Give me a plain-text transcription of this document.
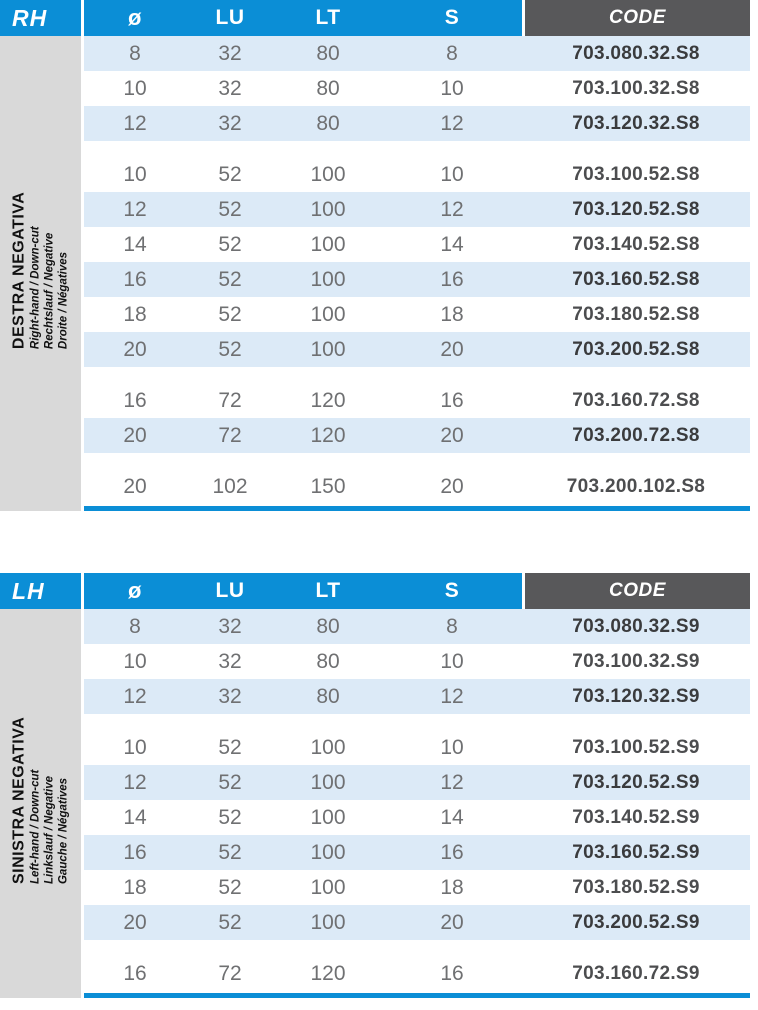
RH	ø	LU	LT	S	CODE
Right-hand / Down-cut Rechtslauf / Negative Droite / Négatives
DESTRA NEGATIVA
8	32	80	8	703.080.32.S8
10	32	80	10	703.100.32.S8
12	32	80	12	703.120.32.S8
10	52	100	10	703.100.52.S8
12	52	100	12	703.120.52.S8
14	52	100	14	703.140.52.S8
16	52	100	16	703.160.52.S8
18	52	100	18	703.180.52.S8
20	52	100	20	703.200.52.S8
16	72	120	16	703.160.72.S8
20	72	120	20	703.200.72.S8
20	102	150	20	703.200.102.S8
LH	ø	LU	LT	S	CODE
Left-hand / Down-cut Linkslauf / Negative Gauche / Négatives
SINISTRA NEGATIVA
8	32	80	8	703.080.32.S9
10	32	80	10	703.100.32.S9
12	32	80	12	703.120.32.S9
10	52	100	10	703.100.52.S9
12	52	100	12	703.120.52.S9
14	52	100	14	703.140.52.S9
16	52	100	16	703.160.52.S9
18	52	100	18	703.180.52.S9
20	52	100	20	703.200.52.S9
16	72	120	16	703.160.72.S9
